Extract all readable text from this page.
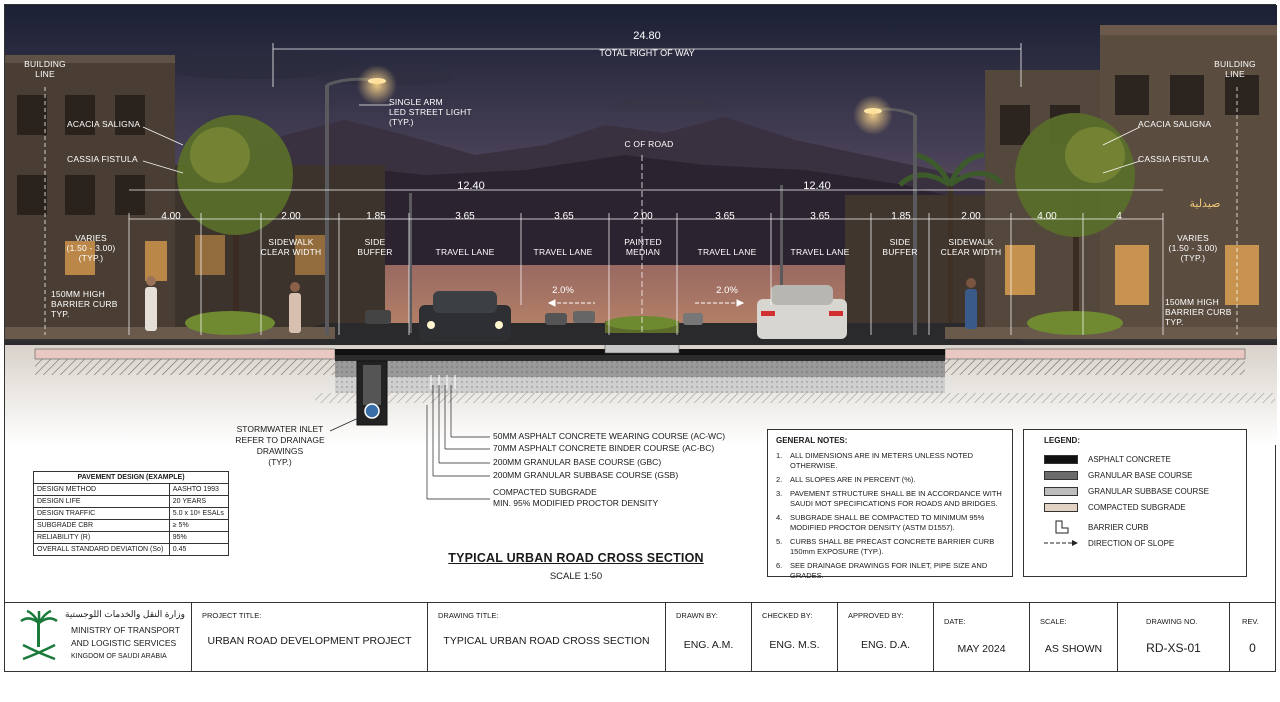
24.80
TOTAL RIGHT OF WAY
12.40	12.40
4.00	2.00	1.85	3.65	3.65	2.00	3.65	3.65	1.85	2.00	4.00	4
BUILDING
LINE
BUILDING
LINE
SINGLE ARM
LED STREET LIGHT
(TYP.)
C OF ROAD
ACACIA SALIGNA
CASSIA FISTULA
ACACIA SALIGNA
CASSIA FISTULA
VARIES
(1.50 - 3.00)
(TYP.)
VARIES
(1.50 - 3.00)
(TYP.)
150MM HIGH
BARRIER CURB
TYP.
150MM HIGH
BARRIER CURB
TYP.
SIDEWALK
CLEAR WIDTH
SIDE
BUFFER	TRAVEL LANE	TRAVEL LANE
PAINTED
MEDIAN	TRAVEL LANE	TRAVEL LANE
SIDE
BUFFER
SIDEWALK
CLEAR WIDTH
2.0%	2.0%
صيدلية
STORMWATER INLET
REFER TO DRAINAGE
DRAWINGS
(TYP.)
50MM ASPHALT CONCRETE WEARING COURSE (AC-WC)
70MM ASPHALT CONCRETE BINDER COURSE (AC-BC)
200MM GRANULAR BASE COURSE (GBC)
200MM GRANULAR SUBBASE COURSE (GSB)
COMPACTED SUBGRADE
MIN. 95% MODIFIED PROCTOR DENSITY
PAVEMENT DESIGN (EXAMPLE)	
DESIGN METHOD	AASHTO 1993
DESIGN LIFE	20 YEARS
DESIGN TRAFFIC	5.0 x 10⁶ ESALs
SUBGRADE CBR	≥ 5%
RELIABILITY (R)	95%
OVERALL STANDARD DEVIATION (So)	0.45
TYPICAL URBAN ROAD CROSS SECTION
SCALE 1:50
GENERAL NOTES:
1.	ALL DIMENSIONS ARE IN METERS UNLESS NOTED OTHERWISE.
2.	ALL SLOPES ARE IN PERCENT (%).
3.	PAVEMENT STRUCTURE SHALL BE IN ACCORDANCE WITH SAUDI MOT SPECIFICATIONS FOR ROADS AND BRIDGES.
4.	SUBGRADE SHALL BE COMPACTED TO MINIMUM 95% MODIFIED PROCTOR DENSITY (ASTM D1557).
5.	CURBS SHALL BE PRECAST CONCRETE BARRIER CURB 150mm EXPOSURE (TYP.).
6.	SEE DRAINAGE DRAWINGS FOR INLET, PIPE SIZE AND GRADES.
LEGEND:
ASPHALT CONCRETE
GRANULAR BASE COURSE
GRANULAR SUBBASE COURSE
COMPACTED SUBGRADE
BARRIER CURB
DIRECTION OF SLOPE
وزارة النقل والخدمات اللوجستية
MINISTRY OF TRANSPORT
AND LOGISTIC SERVICES
KINGDOM OF SAUDI ARABIA
PROJECT TITLE:
URBAN ROAD DEVELOPMENT PROJECT
DRAWING TITLE:
TYPICAL URBAN ROAD CROSS SECTION
DRAWN BY:
ENG. A.M.
CHECKED BY:
ENG. M.S.
APPROVED BY:
ENG. D.A.
DATE:
MAY 2024
SCALE:
AS SHOWN
DRAWING NO.
RD-XS-01
REV.
0
